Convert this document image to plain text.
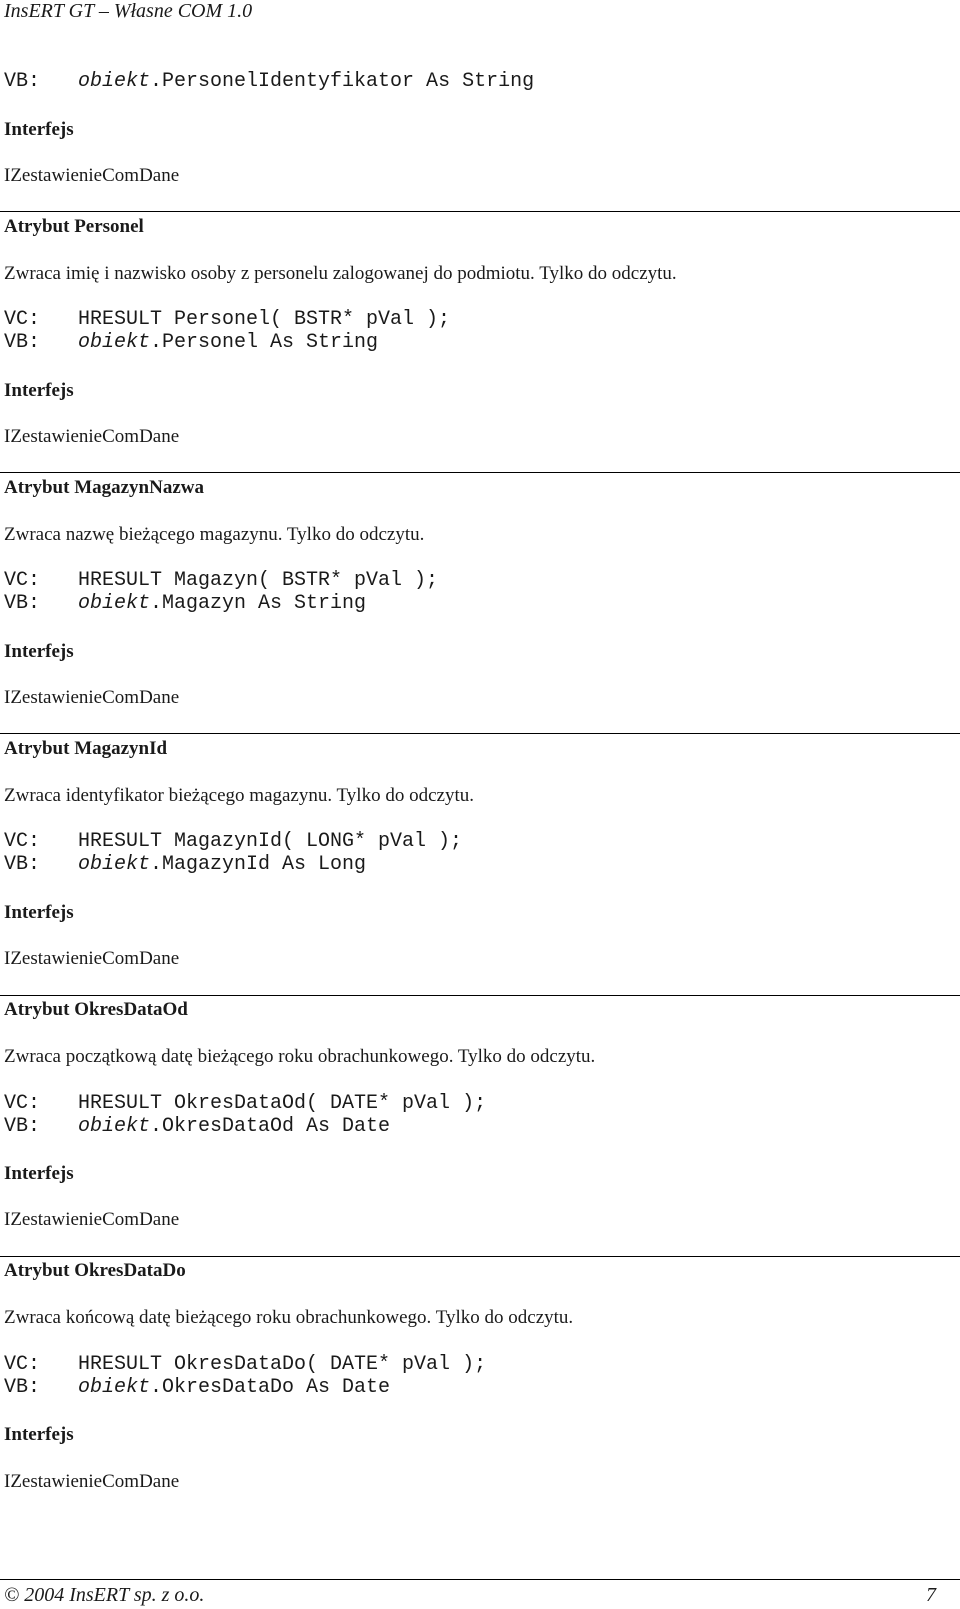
InsERT GT – Własne COM 1.0
VB: obiekt.PersonelIdentyfikator As String
Interfejs
IZestawienieComDane
Atrybut Personel
Zwraca imię i nazwisko osoby z personelu zalogowanej do podmiotu. Tylko do odczytu.
VC: HRESULT Personel( BSTR* pVal );
VB: obiekt.Personel As String
Interfejs
IZestawienieComDane
Atrybut MagazynNazwa
Zwraca nazwę bieżącego magazynu. Tylko do odczytu.
VC: HRESULT Magazyn( BSTR* pVal );
VB: obiekt.Magazyn As String
Interfejs
IZestawienieComDane
Atrybut MagazynId
Zwraca identyfikator bieżącego magazynu. Tylko do odczytu.
VC: HRESULT MagazynId( LONG* pVal );
VB: obiekt.MagazynId As Long
Interfejs
IZestawienieComDane
Atrybut OkresDataOd
Zwraca początkową datę bieżącego roku obrachunkowego. Tylko do odczytu.
VC: HRESULT OkresDataOd( DATE* pVal );
VB: obiekt.OkresDataOd As Date
Interfejs
IZestawienieComDane
Atrybut OkresDataDo
Zwraca końcową datę bieżącego roku obrachunkowego. Tylko do odczytu.
VC: HRESULT OkresDataDo( DATE* pVal );
VB: obiekt.OkresDataDo As Date
Interfejs
IZestawienieComDane
© 2004 InsERT sp. z o.o.	7
